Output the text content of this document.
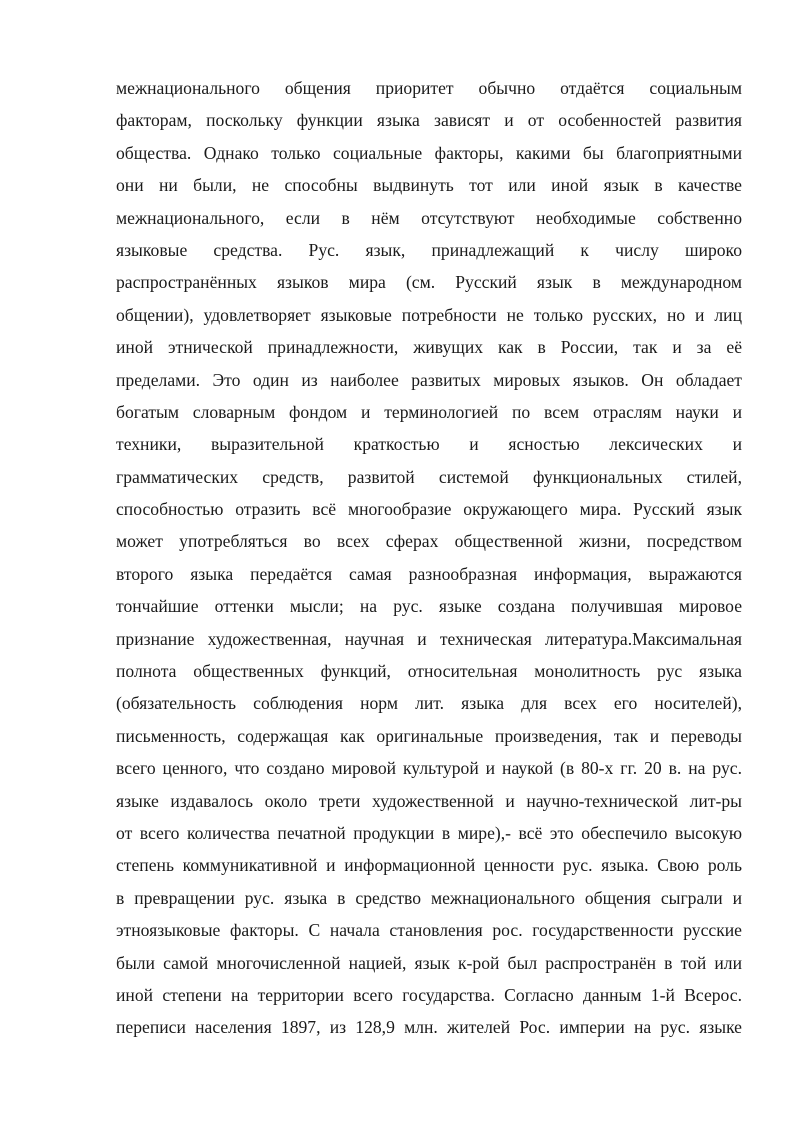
межнационального общения приоритет обычно отдаётся социальным
факторам, поскольку функции языка зависят и от особенностей развития
общества. Однако только социальные факторы, какими бы благоприятными
они ни были, не способны выдвинуть тот или иной язык в качестве
межнационального, если в нём отсутствуют необходимые собственно
языковые средства. Рус. язык, принадлежащий к числу широко
распространённых языков мира (см. Русский язык в международном
общении), удовлетворяет языковые потребности не только русских, но и лиц
иной этнической принадлежности, живущих как в России, так и за её
пределами. Это один из наиболее развитых мировых языков. Он обладает
богатым словарным фондом и терминологией по всем отраслям науки и
техники, выразительной краткостью и ясностью лексических и
грамматических средств, развитой системой функциональных стилей,
способностью отразить всё многообразие окружающего мира. Русский язык
может употребляться во всех сферах общественной жизни, посредством
второго языка передаётся самая разнообразная информация, выражаются
тончайшие оттенки мысли; на рус. языке создана получившая мировое
признание художественная, научная и техническая литература.Максимальная
полнота общественных функций, относительная монолитность рус языка
(обязательность соблюдения норм лит. языка для всех его носителей),
письменность, содержащая как оригинальные произведения, так и переводы
всего ценного, что создано мировой культурой и наукой (в 80-х гг. 20 в. на рус.
языке издавалось около трети художественной и научно-технической лит-ры
от всего количества печатной продукции в мире),- всё это обеспечило высокую
степень коммуникативной и информационной ценности рус. языка. Свою роль
в превращении рус. языка в средство межнационального общения сыграли и
этноязыковые факторы. С начала становления рос. государственности русские
были самой многочисленной нацией, язык к-рой был распространён в той или
иной степени на территории всего государства. Согласно данным 1-й Всерос.
переписи населения 1897, из 128,9 млн. жителей Рос. империи на рус. языке
